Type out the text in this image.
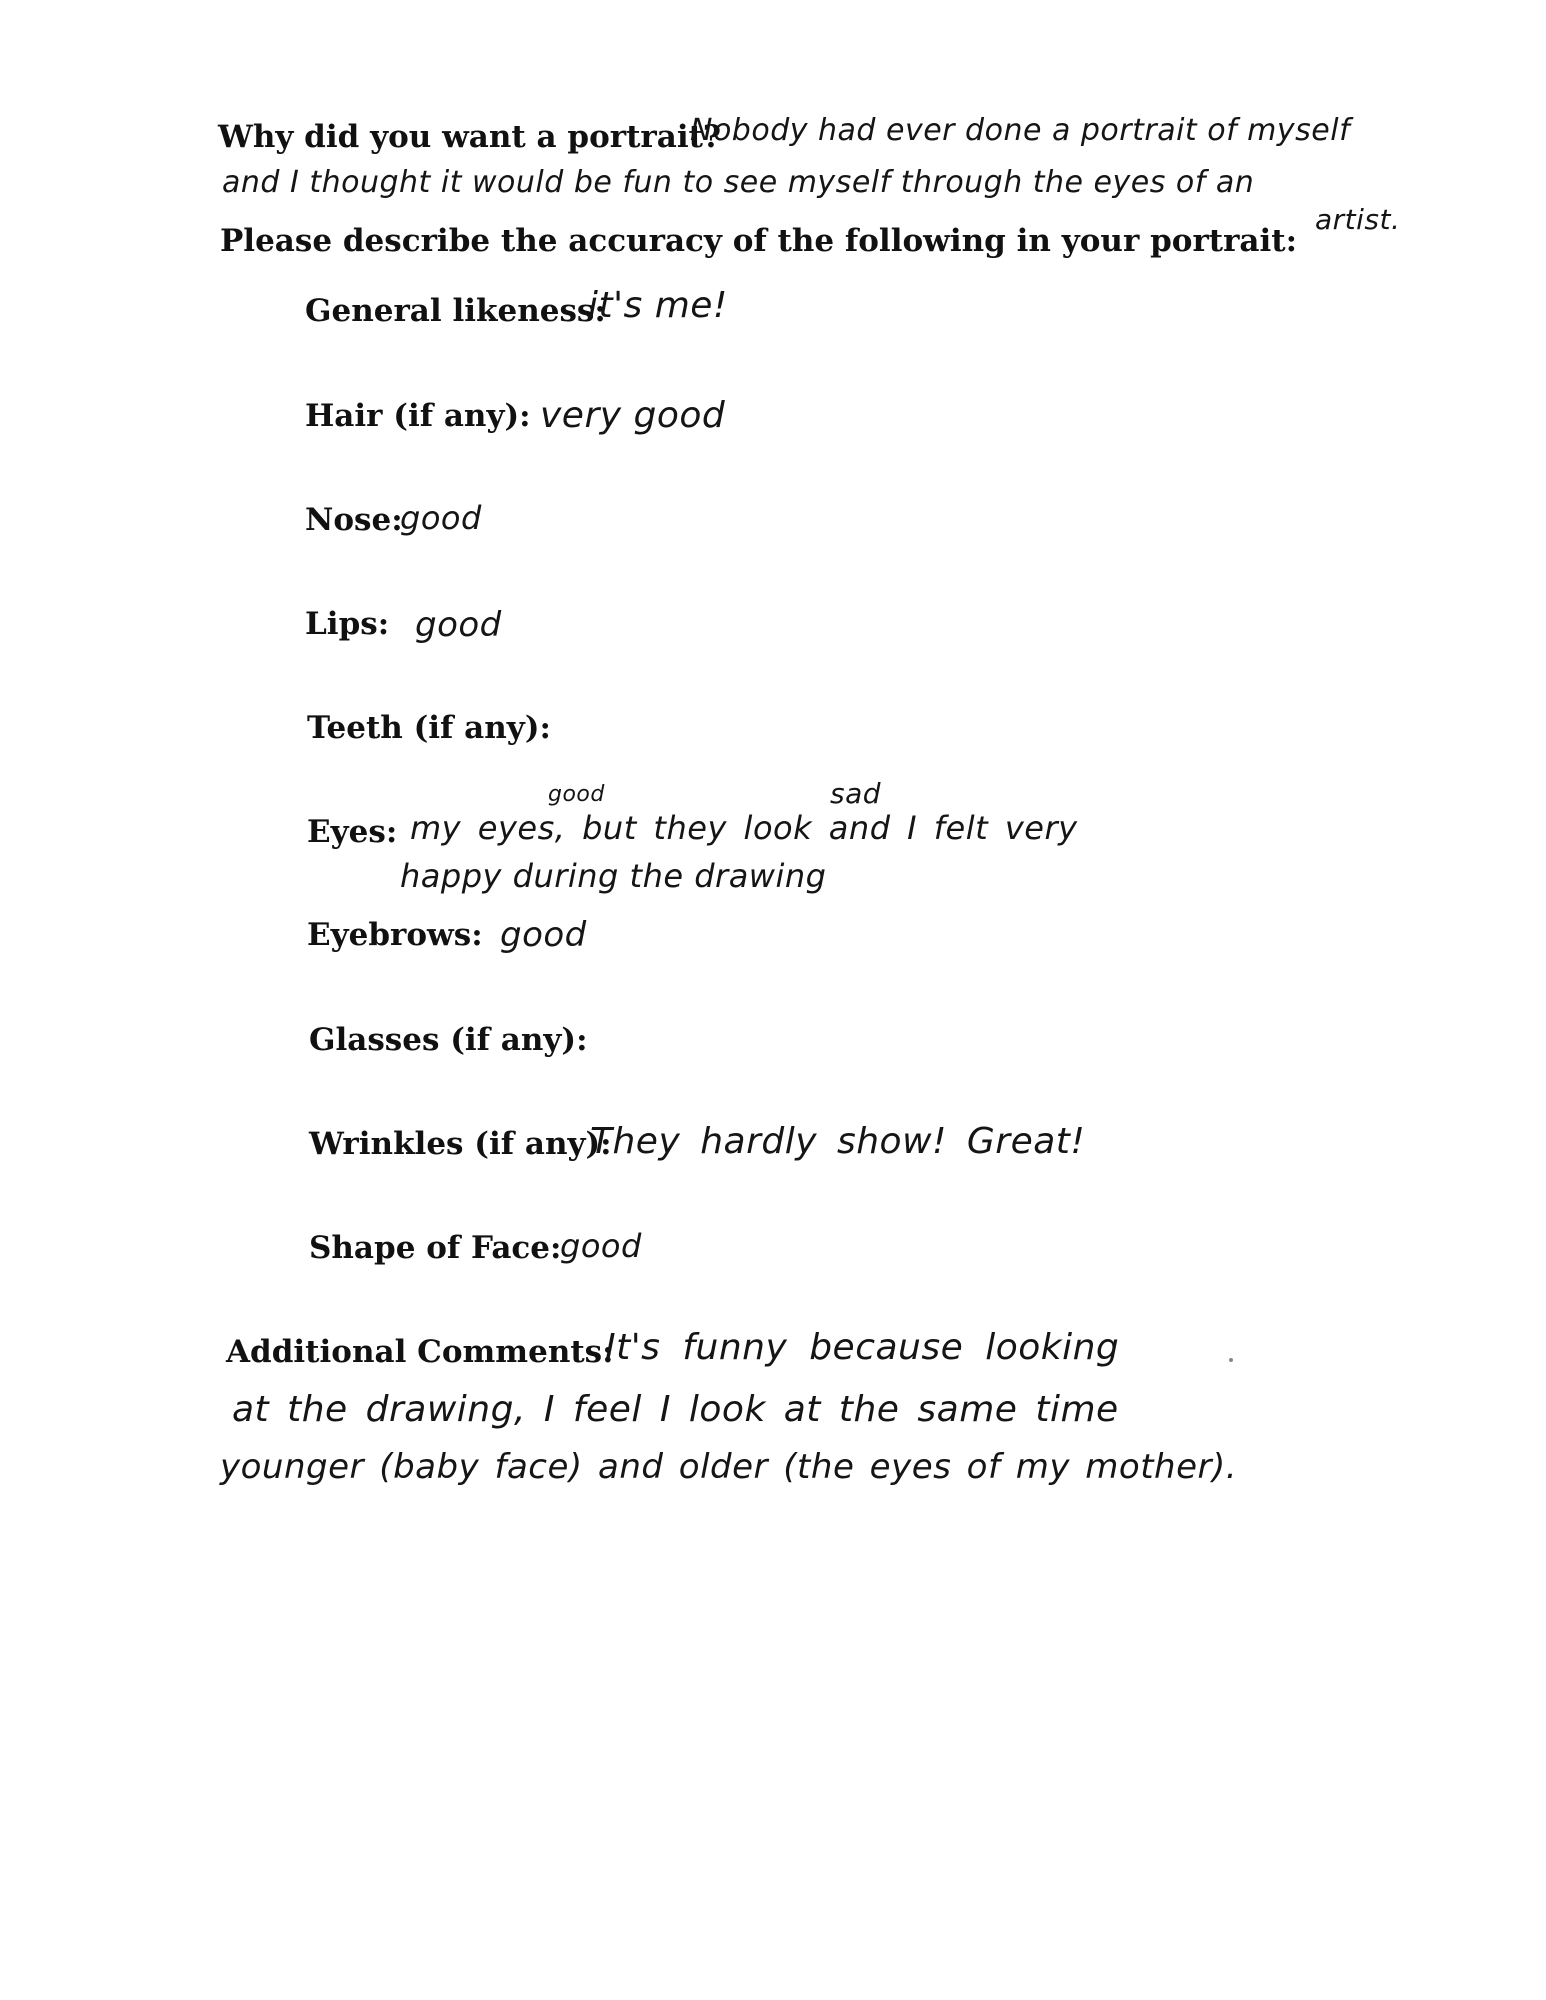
Why did you want a portrait?
Nobody had ever done a portrait of myself
and I thought it would be fun to see myself through the eyes of an
artist.
Please describe the accuracy of the following in your portrait:
General likeness:
it's me!
Hair (if any): very good
Nose:
good
Lips: good
Teeth (if any):
Eyes:
good	sad
my eyes, but they look and I felt very
happy during the drawing
Eyebrows: good
Glasses (if any):
Wrinkles (if any):
They hardly show! Great!
Shape of Face:
good
Additional Comments:
It's funny because looking
at the drawing, I feel I look at the same time
younger (baby face) and older (the eyes of my mother).
